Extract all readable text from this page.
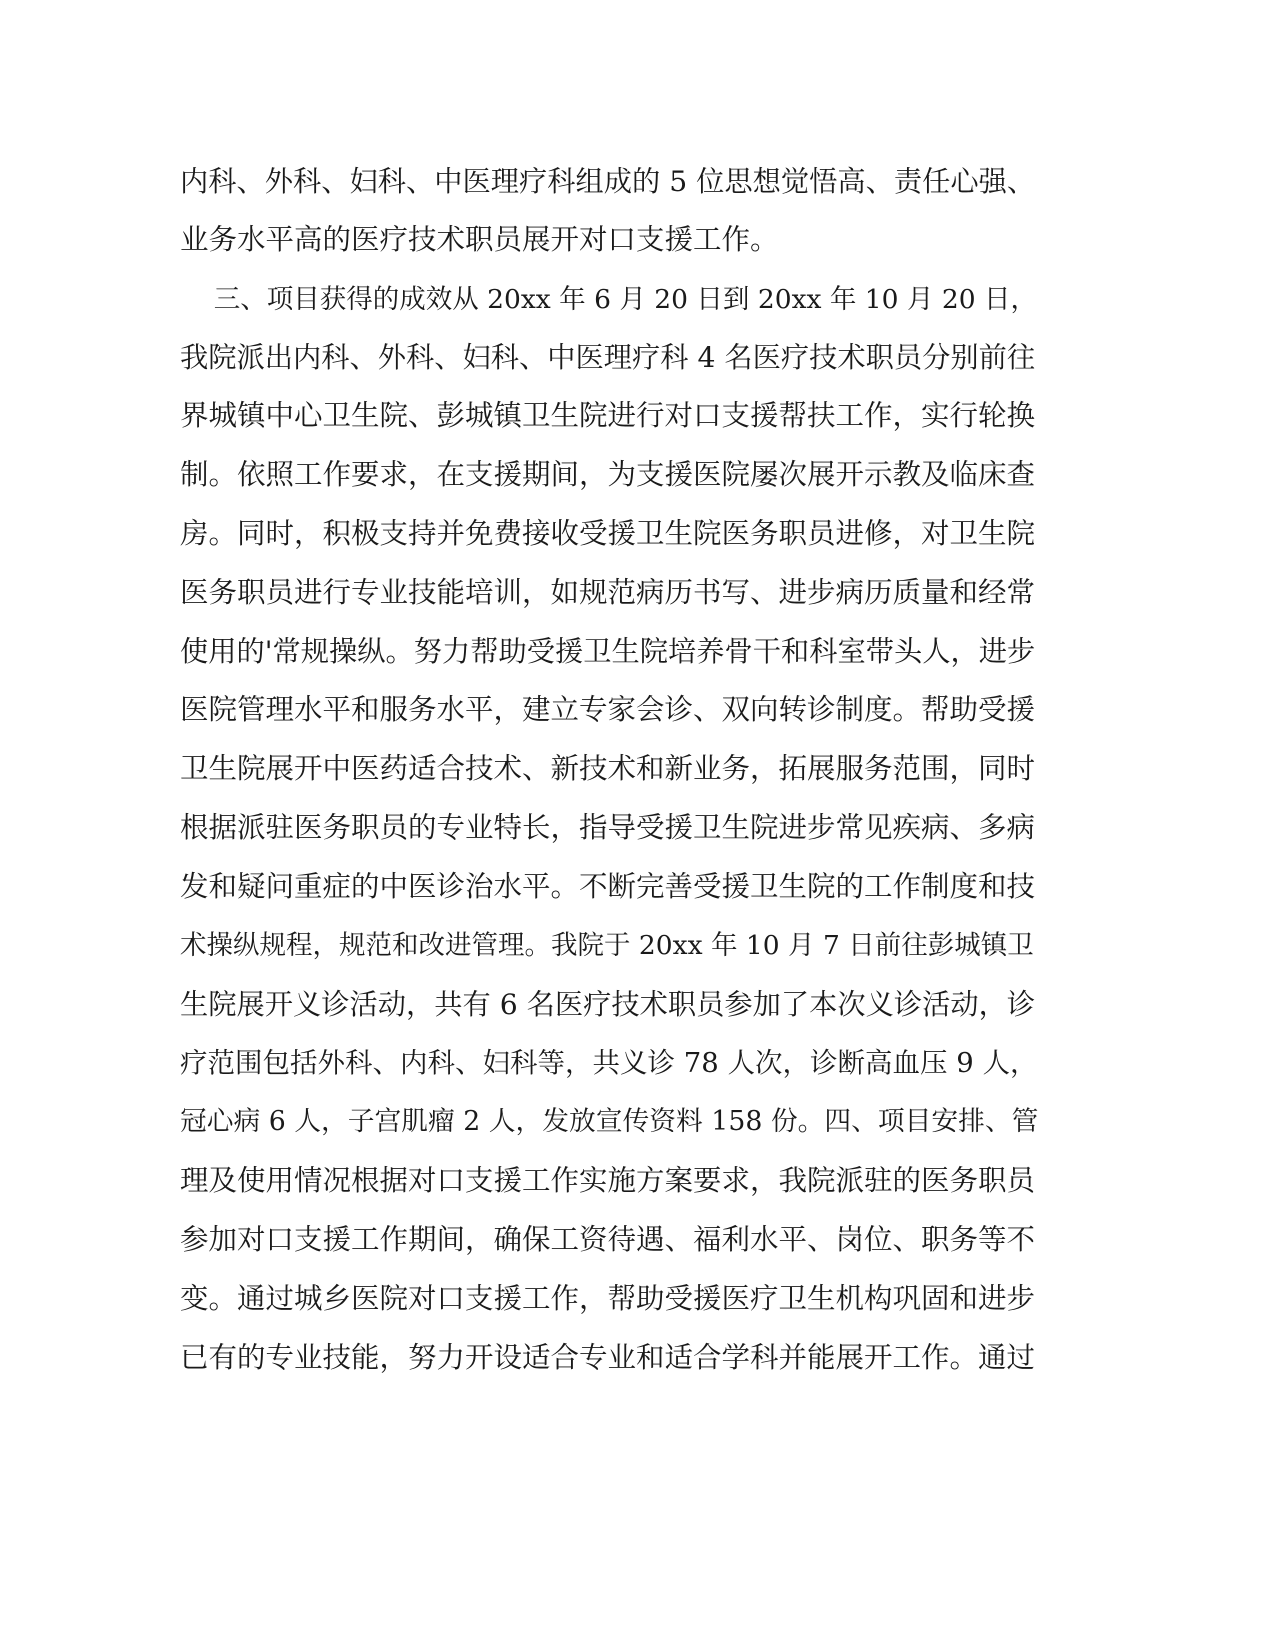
内科、外科、妇科、中医理疗科组成的 5 位思想觉悟高、责任心强、
业务水平高的医疗技术职员展开对口支援工作。
三、项目获得的成效从 20xx 年 6 月 20 日到 20xx 年 10 月 20 日，
我院派出内科、外科、妇科、中医理疗科 4 名医疗技术职员分别前往
界城镇中心卫生院、彭城镇卫生院进行对口支援帮扶工作，实行轮换
制。依照工作要求，在支援期间，为支援医院屡次展开示教及临床查
房。同时，积极支持并免费接收受援卫生院医务职员进修，对卫生院
医务职员进行专业技能培训，如规范病历书写、进步病历质量和经常
使用的'常规操纵。努力帮助受援卫生院培养骨干和科室带头人，进步
医院管理水平和服务水平，建立专家会诊、双向转诊制度。帮助受援
卫生院展开中医药适合技术、新技术和新业务，拓展服务范围，同时
根据派驻医务职员的专业特长，指导受援卫生院进步常见疾病、多病
发和疑问重症的中医诊治水平。不断完善受援卫生院的工作制度和技
术操纵规程，规范和改进管理。我院于 20xx 年 10 月 7 日前往彭城镇卫
生院展开义诊活动，共有 6 名医疗技术职员参加了本次义诊活动，诊
疗范围包括外科、内科、妇科等，共义诊 78 人次，诊断高血压 9 人，
冠心病 6 人，子宫肌瘤 2 人，发放宣传资料 158 份。四、项目安排、管
理及使用情况根据对口支援工作实施方案要求，我院派驻的医务职员
参加对口支援工作期间，确保工资待遇、福利水平、岗位、职务等不
变。通过城乡医院对口支援工作，帮助受援医疗卫生机构巩固和进步
已有的专业技能，努力开设适合专业和适合学科并能展开工作。通过
